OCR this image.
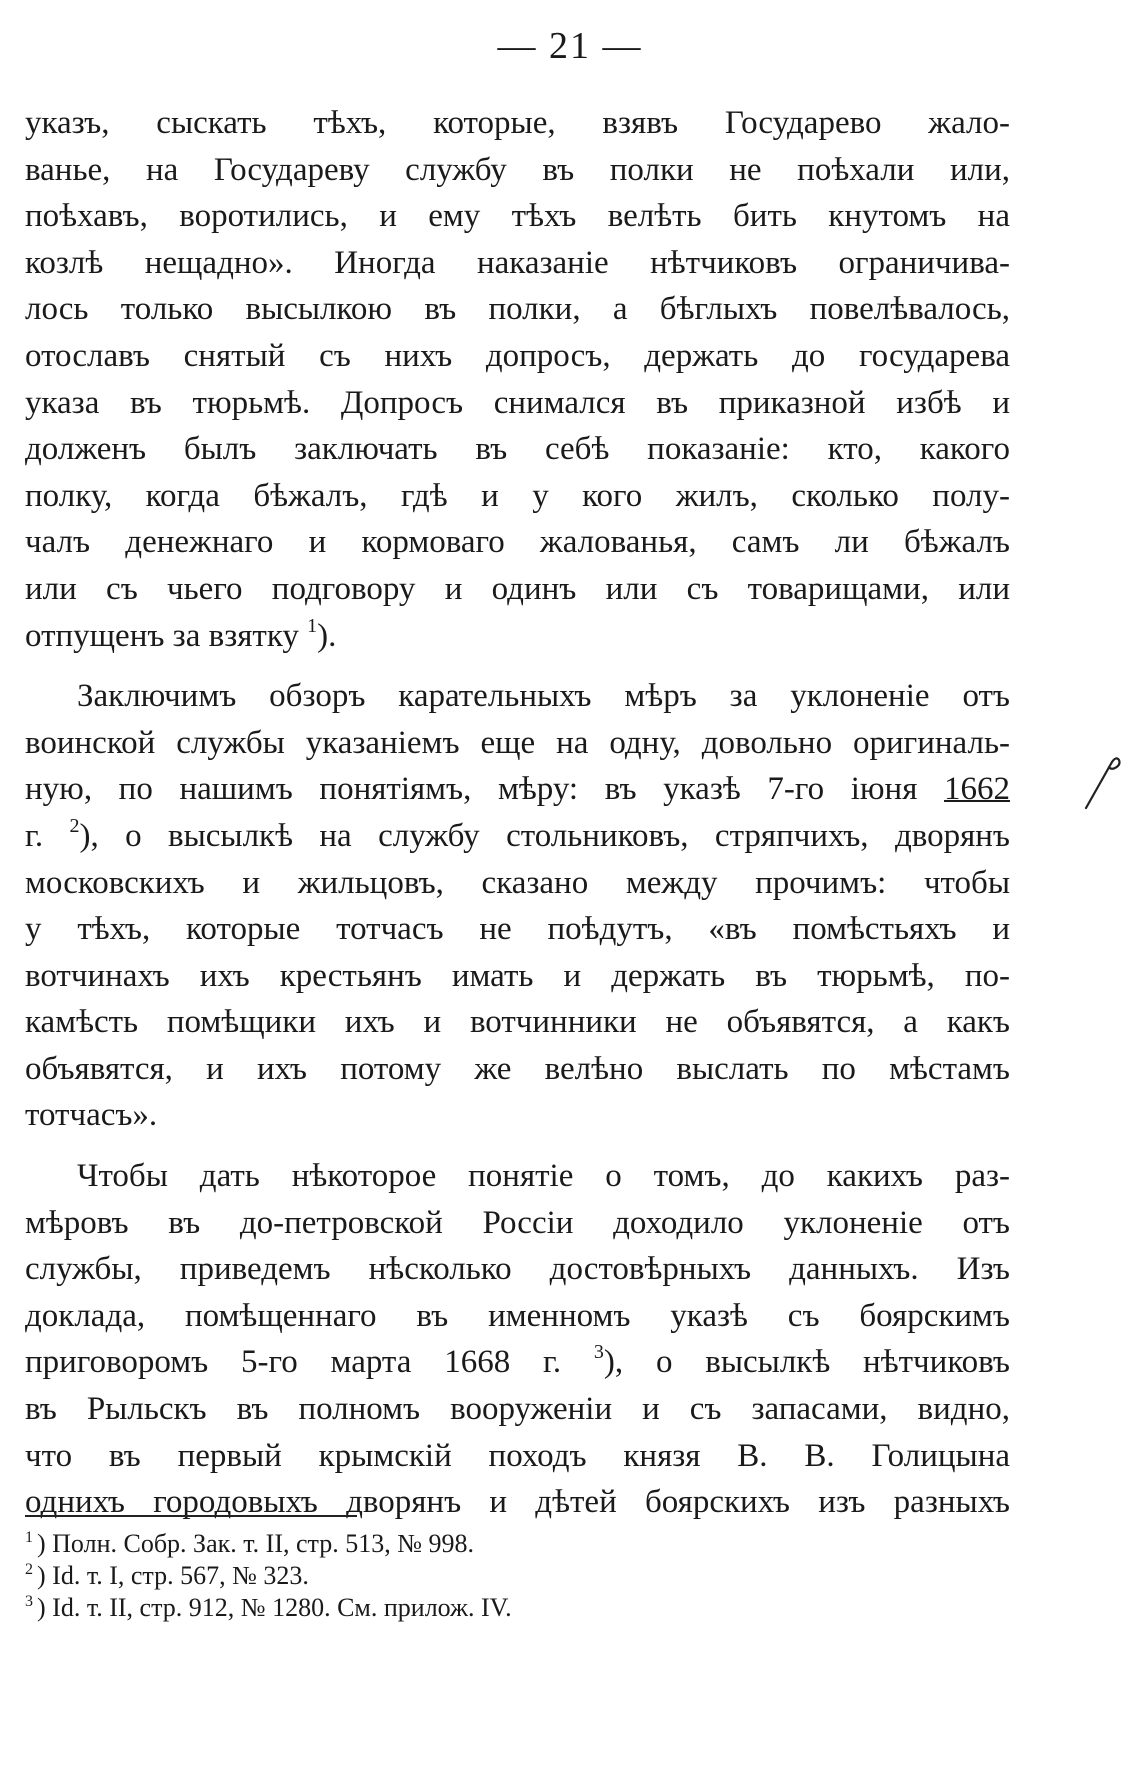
— 21 —
указъ, сыскать тѣхъ, которые, взявъ Государево жало-
ванье, на Государеву службу въ полки не поѣхали или,
поѣхавъ, воротились, и ему тѣхъ велѣть бить кнутомъ на
козлѣ нещадно». Иногда наказаніе нѣтчиковъ ограничива-
лось только высылкою въ полки, а бѣглыхъ повелѣвалось,
отославъ снятый съ нихъ допросъ, держать до государева
указа въ тюрьмѣ. Допросъ снимался въ приказной избѣ и
долженъ былъ заключать въ себѣ показаніе: кто, какого
полку, когда бѣжалъ, гдѣ и у кого жилъ, сколько полу-
чалъ денежнаго и кормоваго жалованья, самъ ли бѣжалъ
или съ чьего подговору и одинъ или съ товарищами, или
отпущенъ за взятку $^1$).
Заключимъ обзоръ карательныхъ мѣръ за уклоненіе отъ
воинской службы указаніемъ еще на одну, довольно оригиналь-
ную, по нашимъ понятіямъ, мѣру: въ указѣ 7-го іюня 1662
г. $^2$), о высылкѣ на службу стольниковъ, стряпчихъ, дворянъ
московскихъ и жильцовъ, сказано между прочимъ: чтобы
у тѣхъ, которые тотчасъ не поѣдутъ, «въ помѣстьяхъ и
вотчинахъ ихъ крестьянъ имать и держать въ тюрьмѣ, по-
камѣсть помѣщики ихъ и вотчинники не объявятся, а какъ
объявятся, и ихъ потому же велѣно выслать по мѣстамъ
тотчасъ».
Чтобы дать нѣкоторое понятіе о томъ, до какихъ раз-
мѣровъ въ до-петровской Россіи доходило уклоненіе отъ
службы, приведемъ нѣсколько достовѣрныхъ данныхъ. Изъ
доклада, помѣщеннаго въ именномъ указѣ съ боярскимъ
приговоромъ 5-го марта 1668 г. $^3$), о высылкѣ нѣтчиковъ
въ Рыльскъ въ полномъ вооруженіи и съ запасами, видно,
что въ первый крымскій походъ князя В. В. Голицына
однихъ городовыхъ дворянъ и дѣтей боярскихъ изъ разныхъ
$^1$ ) Полн. Собр. Зак. т. II, стр. 513, № 998.
$^2$ ) Id. т. I, стр. 567, № 323.
$^3$ ) Id. т. II, стр. 912, № 1280. См. прилож. IV.
